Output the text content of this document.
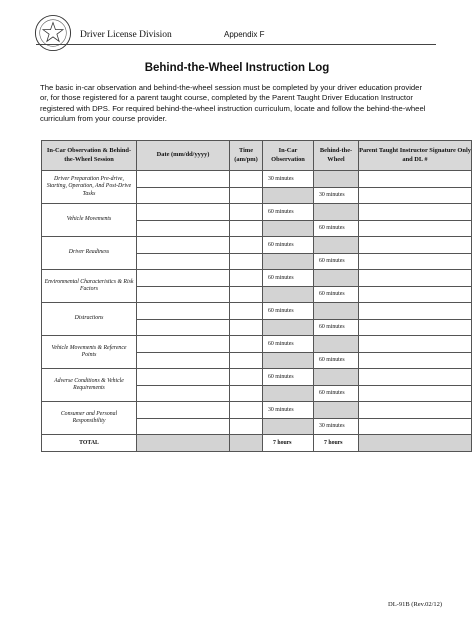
Driver License Division	Appendix F
Behind-the-Wheel Instruction Log

The basic in-car observation and behind-the-wheel session must be completed by your driver education provider

or, for those registered for a parent taught course, completed by the Parent Taught Driver Education Instructor

registered with DPS. For required behind-the-wheel instruction curriculum, locate and follow the behind-the-wheel

curriculum from your course provider.

In-Car Observation & Behind-the-Wheel Session	Date (mm/dd/yyyy)	Time (am/pm)	In-Car Observation	Behind-the-Wheel	Parent Taught Instructor Signature Only and DL #
Driver Preparation Pre-drive, Starting, Operation, And Post-Drive Tasks			30 minutes		
				30 minutes	
Vehicle Movements			60 minutes		
				60 minutes	
Driver Readiness			60 minutes		
				60 minutes	
Environmental Characteristics & Risk Factors			60 minutes		
				60 minutes	
Distractions			60 minutes		
				60 minutes	
Vehicle Movements & Reference Points			60 minutes		
				60 minutes	
Adverse Conditions & Vehicle Requirements			60 minutes		
				60 minutes	
Consumer and Personal Responsibility			30 minutes		
				30 minutes	
TOTAL			7 hours	7 hours	
DL-91B (Rev.02/12)
